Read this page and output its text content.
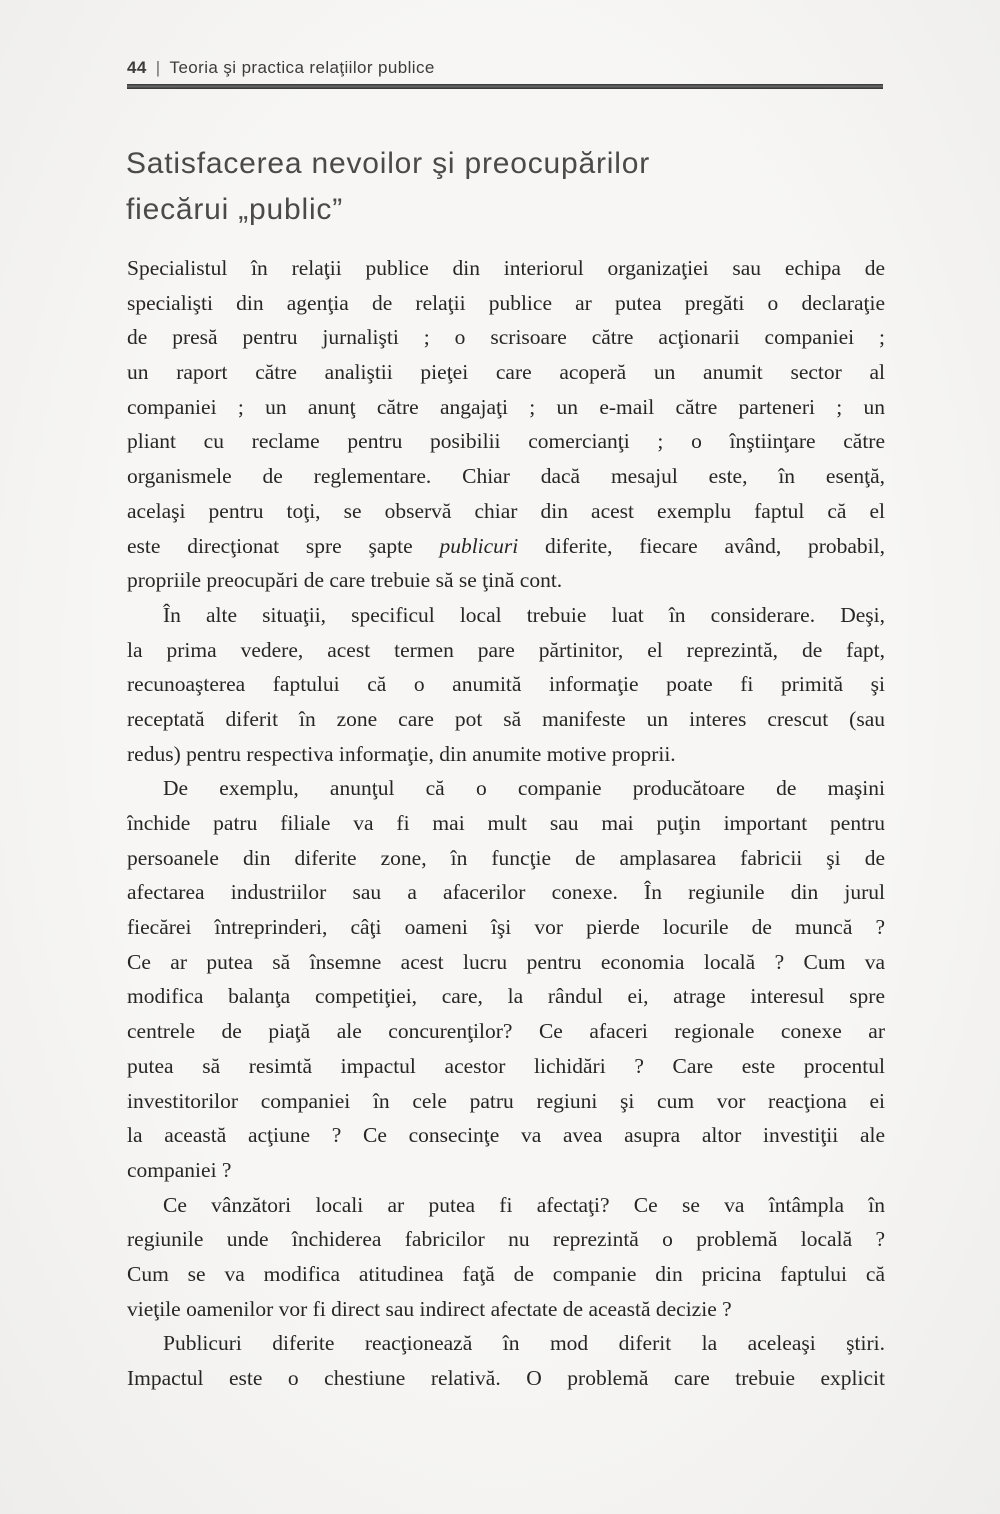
44 | Teoria şi practica relaţiilor publice
Satisfacerea nevoilor şi preocupărilor
fiecărui „public”

Specialistul în relaţii publice din interiorul organizaţiei sau echipa de
specialişti din agenţia de relaţii publice ar putea pregăti o declaraţie
de presă pentru jurnalişti ; o scrisoare către acţionarii companiei ;
un raport către analiştii pieţei care acoperă un anumit sector al
companiei ; un anunţ către angajaţi ; un e-mail către parteneri ; un
pliant cu reclame pentru posibilii comercianţi ; o înştiinţare către
organismele de reglementare. Chiar dacă mesajul este, în esenţă,
acelaşi pentru toţi, se observă chiar din acest exemplu faptul că el
este direcţionat spre şapte publicuri diferite, fiecare având, probabil,
propriile preocupări de care trebuie să se ţină cont.

În alte situaţii, specificul local trebuie luat în considerare. Deşi,
la prima vedere, acest termen pare părtinitor, el reprezintă, de fapt,
recunoaşterea faptului că o anumită informaţie poate fi primită şi
receptată diferit în zone care pot să manifeste un interes crescut (sau
redus) pentru respectiva informaţie, din anumite motive proprii.

De exemplu, anunţul că o companie producătoare de maşini
închide patru filiale va fi mai mult sau mai puţin important pentru
persoanele din diferite zone, în funcţie de amplasarea fabricii şi de
afectarea industriilor sau a afacerilor conexe. În regiunile din jurul
fiecărei întreprinderi, câţi oameni îşi vor pierde locurile de muncă ?
Ce ar putea să însemne acest lucru pentru economia locală ? Cum va
modifica balanţa competiţiei, care, la rândul ei, atrage interesul spre
centrele de piaţă ale concurenţilor? Ce afaceri regionale conexe ar
putea să resimtă impactul acestor lichidări ? Care este procentul
investitorilor companiei în cele patru regiuni şi cum vor reacţiona ei
la această acţiune ? Ce consecinţe va avea asupra altor investiţii ale
companiei ?

Ce vânzători locali ar putea fi afectaţi? Ce se va întâmpla în
regiunile unde închiderea fabricilor nu reprezintă o problemă locală ?
Cum se va modifica atitudinea faţă de companie din pricina faptului că
vieţile oamenilor vor fi direct sau indirect afectate de această decizie ?

Publicuri diferite reacţionează în mod diferit la aceleaşi ştiri.
Impactul este o chestiune relativă. O problemă care trebuie explicit
